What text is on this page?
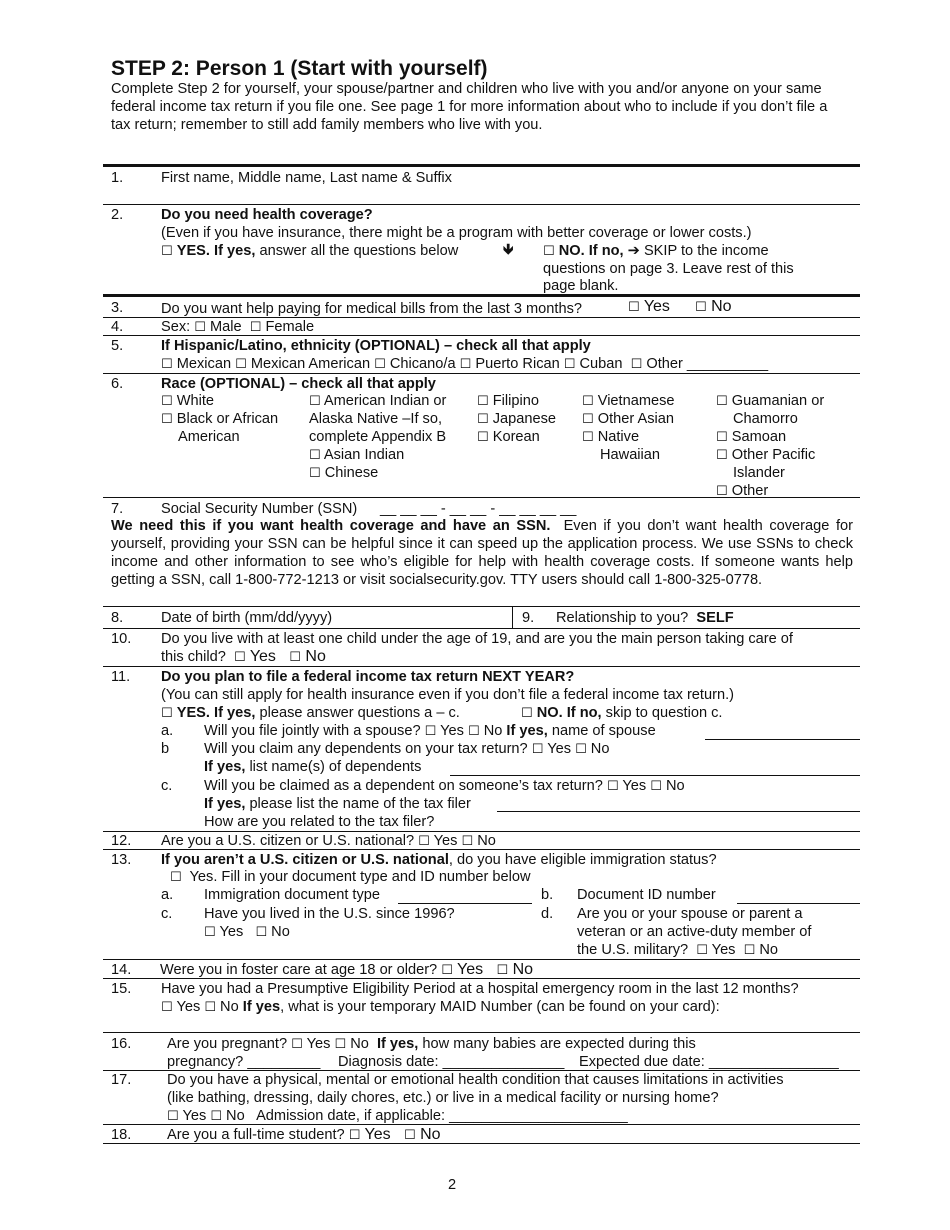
STEP 2: Person 1 (Start with yourself)
Complete Step 2 for yourself, your spouse/partner and children who live with you and/or anyone on your same federal income tax return if you file one. See page 1 for more information about who to include if you don’t file a tax return; remember to still add family members who live with you.
1.	First name, Middle name, Last name & Suffix
2.	Do you need health coverage?
(Even if you have insurance, there might be a program with better coverage or lower costs.)
☐ YES. If yes, answer all the questions below	🡻 ☐ NO. If no, ➔ SKIP to the income
questions on page 3. Leave rest of this
page blank.
3.	Do you want help paying for medical bills from the last 3 months?	☐ Yes ☐ No
4.	Sex: ☐ Male ☐ Female
5.	If Hispanic/Latino, ethnicity (OPTIONAL) – check all that apply
☐ Mexican ☐ Mexican American ☐ Chicano/a ☐ Puerto Rican ☐ Cuban ☐ Other __________
6.	Race (OPTIONAL) – check all that apply
☐ White
☐ Black or African
American
☐ American Indian or
Alaska Native –If so,
complete Appendix B
☐ Asian Indian
☐ Chinese
☐ Filipino
☐ Japanese
☐ Korean
☐ Vietnamese
☐ Other Asian
☐ Native
Hawaiian
☐ Guamanian or
Chamorro
☐ Samoan
☐ Other Pacific
Islander
☐ Other_______
7.	Social Security Number (SSN) __ __ __ - __ __ - __ __ __ __
We need this if you want health coverage and have an SSN. Even if you don’t want health coverage for yourself, providing your SSN can be helpful since it can speed up the application process. We use SSNs to check income and other information to see who’s eligible for help with health coverage costs. If someone wants help getting a SSN, call 1-800-772-1213 or visit socialsecurity.gov. TTY users should call 1-800-325-0778.
8.	Date of birth (mm/dd/yyyy)	9. Relationship to you? SELF
10. Do you live with at least one child under the age of 19, and are you the main person taking care of
this child? ☐ Yes ☐ No
11. Do you plan to file a federal income tax return NEXT YEAR?
(You can still apply for health insurance even if you don’t file a federal income tax return.)
☐ YES. If yes, please answer questions a – c.	☐ NO. If no, skip to question c.
a. Will you file jointly with a spouse? ☐ Yes ☐ No If yes, name of spouse
b Will you claim any dependents on your tax return? ☐ Yes ☐ No
If yes, list name(s) of dependents
c. Will you be claimed as a dependent on someone’s tax return? ☐ Yes ☐ No
If yes, please list the name of the tax filer
How are you related to the tax filer?
12. Are you a U.S. citizen or U.S. national? ☐ Yes ☐ No
13. If you aren’t a U.S. citizen or U.S. national, do you have eligible immigration status?
☐ Yes. Fill in your document type and ID number below
a. Immigration document type	b. Document ID number
c. Have you lived in the U.S. since 1996?
☐ Yes ☐ No
d. Are you or your spouse or parent a
veteran or an active-duty member of
the U.S. military? ☐ Yes ☐ No
14. Were you in foster care at age 18 or older? ☐ Yes ☐ No
15. Have you had a Presumptive Eligibility Period at a hospital emergency room in the last 12 months?
☐ Yes ☐ No If yes, what is your temporary MAID Number (can be found on your card):
16. Are you pregnant? ☐ Yes ☐ No If yes, how many babies are expected during this
pregnancy? _________ Diagnosis date: _______________ Expected due date: ________________
17. Do you have a physical, mental or emotional health condition that causes limitations in activities
(like bathing, dressing, daily chores, etc.) or live in a medical facility or nursing home?
☐ Yes ☐ No Admission date, if applicable: ______________________
18. Are you a full-time student? ☐ Yes ☐ No
2
